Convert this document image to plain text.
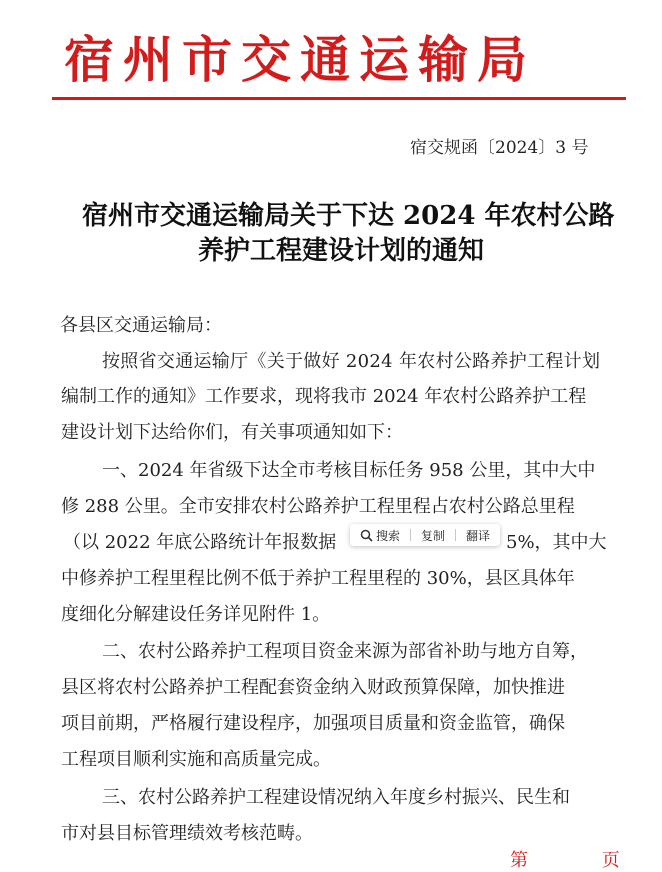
宿州市交通运输局
宿交规函〔2024〕3 号
宿州市交通运输局关于下达 2024 年农村公路
养护工程建设计划的通知
各县区交通运输局：
按照省交通运输厅《关于做好 2024 年农村公路养护工程计划
编制工作的通知》工作要求，现将我市 2024 年农村公路养护工程
建设计划下达给你们，有关事项通知如下：
一、2024 年省级下达全市考核目标任务 958 公里，其中大中
修 288 公里。全市安排农村公路养护工程里程占农村公路总里程
（以 2022 年底公路统计年报数据	5%，其中大
中修养护工程里程比例不低于养护工程里程的 30%，县区具体年
度细化分解建设任务详见附件 1。
二、农村公路养护工程项目资金来源为部省补助与地方自筹，
县区将农村公路养护工程配套资金纳入财政预算保障，加快推进
项目前期，严格履行建设程序，加强项目质量和资金监管，确保
工程项目顺利实施和高质量完成。
三、农村公路养护工程建设情况纳入年度乡村振兴、民生和
市对县目标管理绩效考核范畴。
搜索 复制 翻译
第 页
